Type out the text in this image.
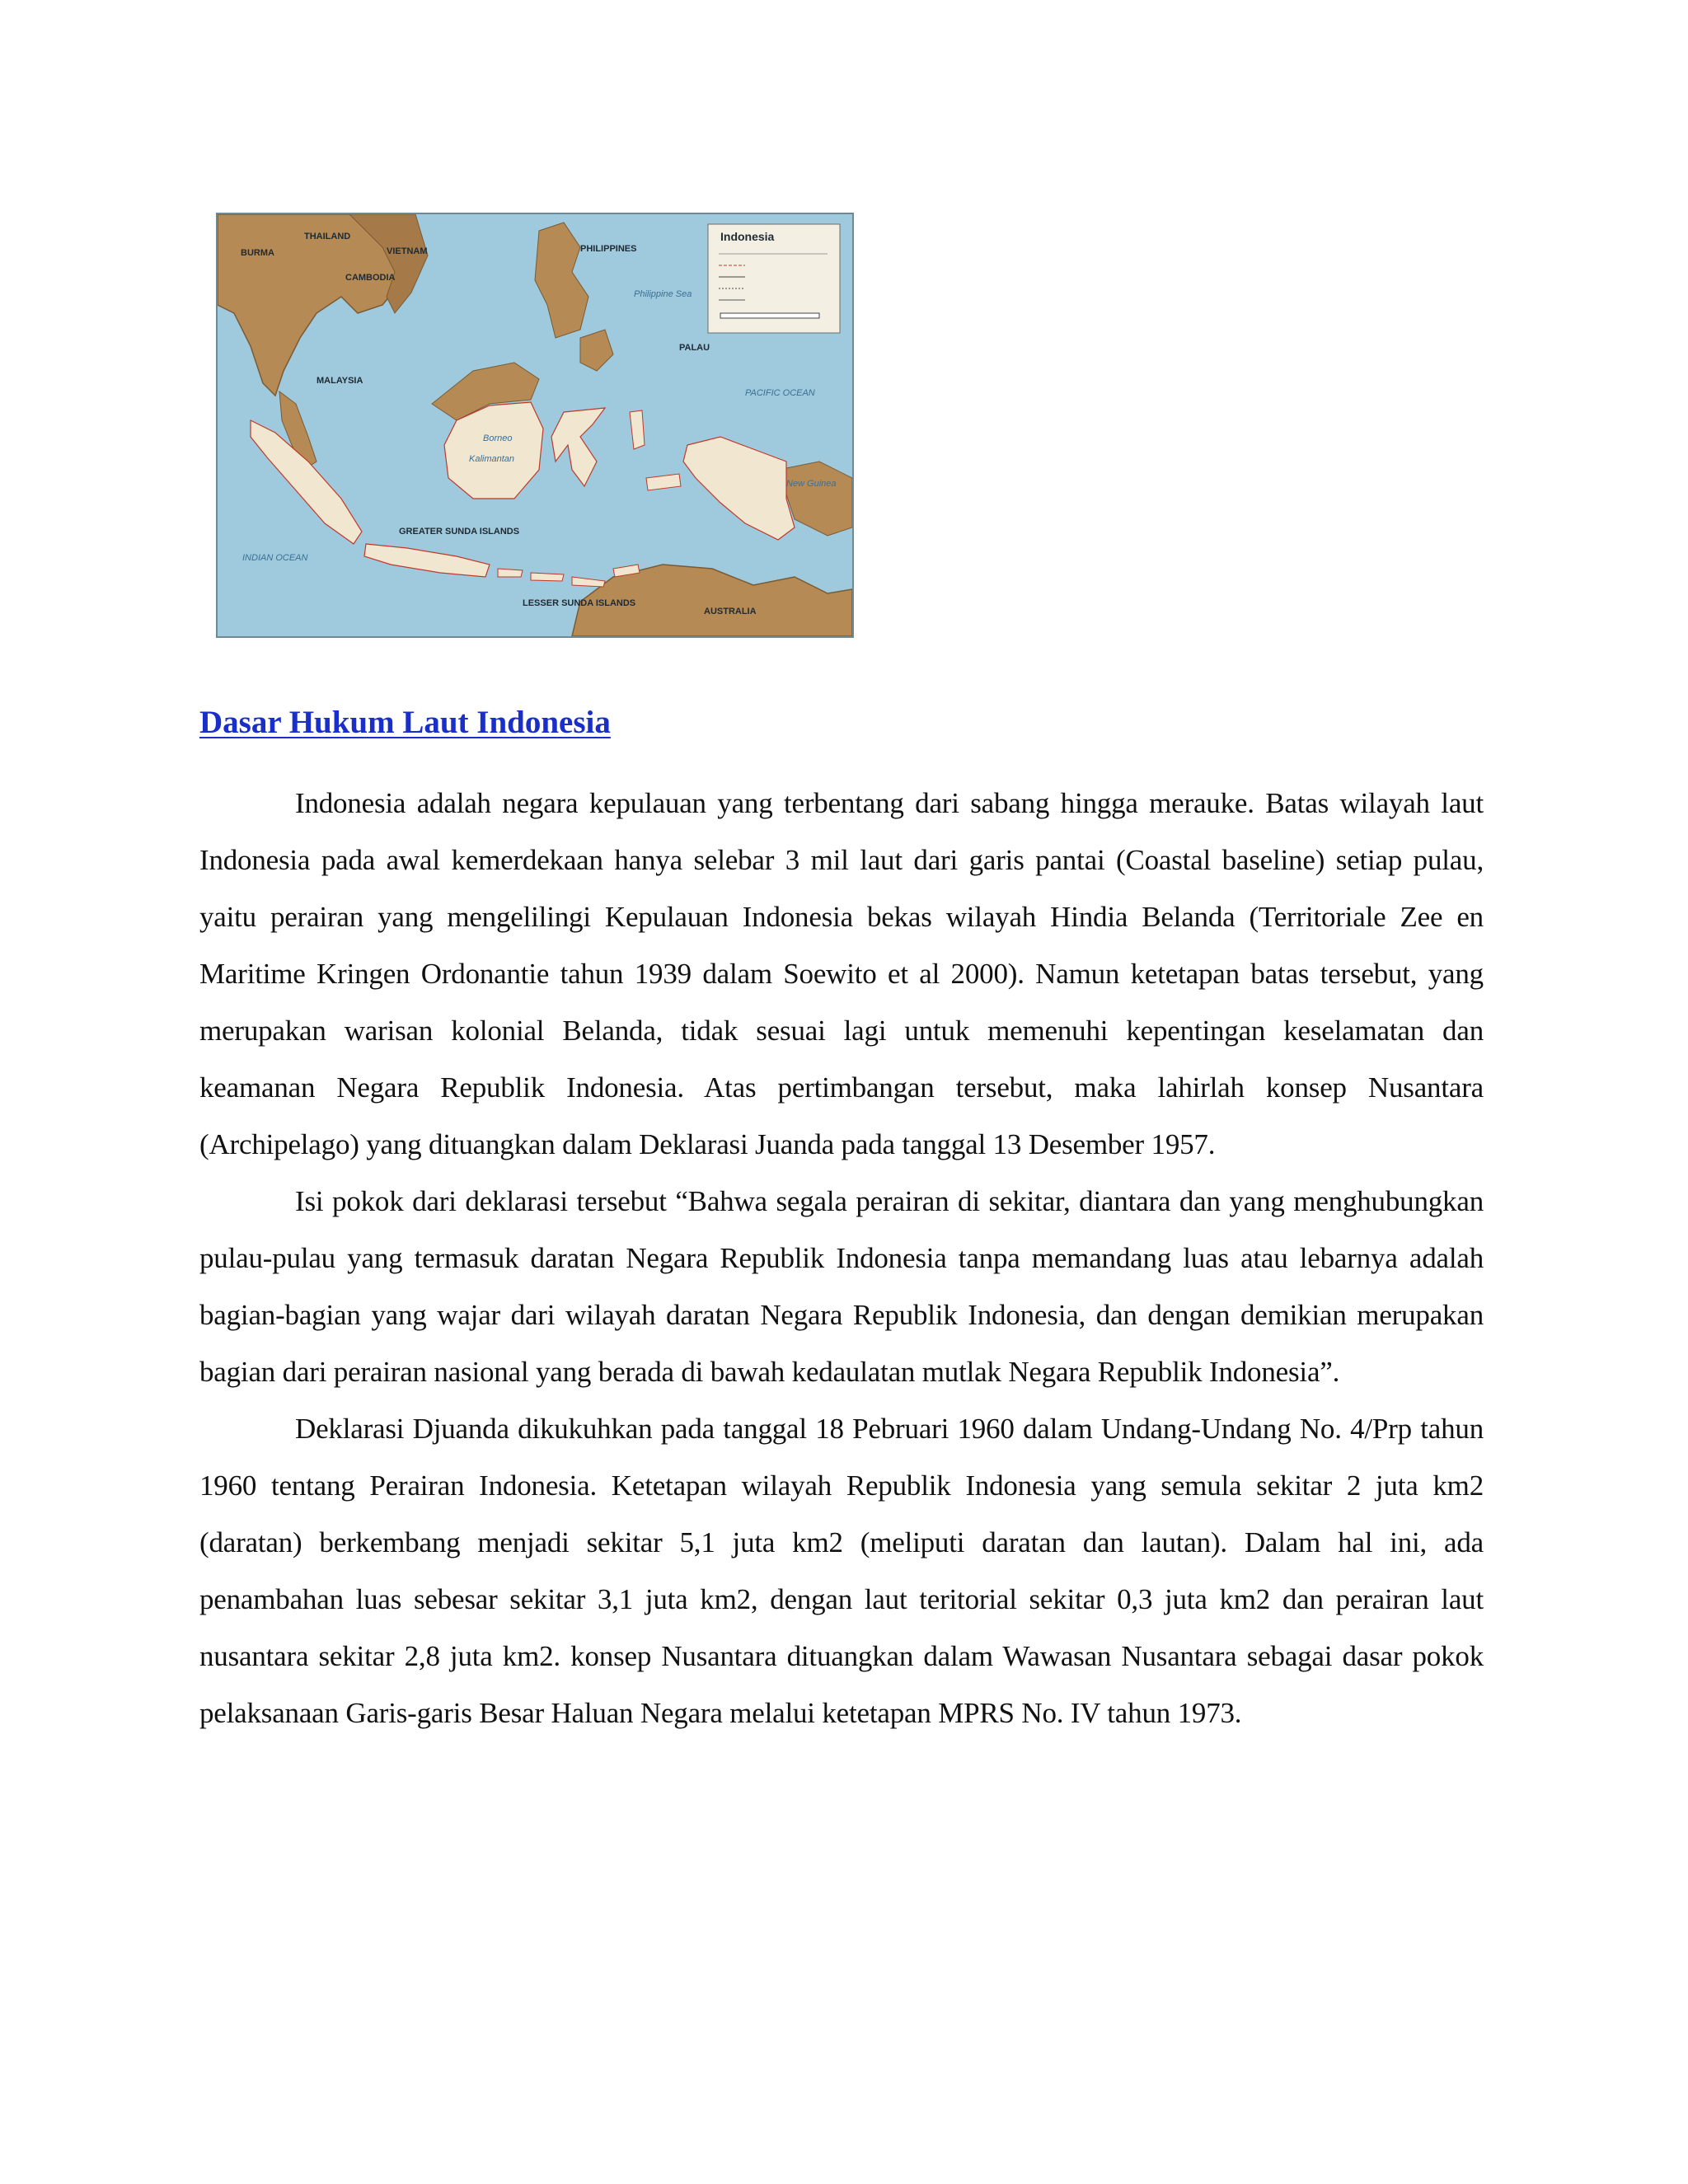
Indonesia
BURMA
THAILAND
VIETNAM
CAMBODIA
PHILIPPINES
MALAYSIA
Borneo
Kalimantan
GREATER SUNDA ISLANDS
LESSER SUNDA ISLANDS
New Guinea
AUSTRALIA
INDIAN OCEAN
PACIFIC OCEAN
Philippine Sea
PALAU
Dasar Hukum Laut Indonesia

Indonesia adalah negara kepulauan yang terbentang dari sabang hingga merauke. Batas wilayah laut Indonesia pada awal kemerdekaan hanya selebar 3 mil laut dari garis pantai (Coastal baseline) setiap pulau, yaitu perairan yang mengelilingi Kepulauan Indonesia bekas wilayah Hindia Belanda (Territoriale Zee en Maritime Kringen Ordonantie tahun 1939 dalam Soewito et al 2000). Namun ketetapan batas tersebut, yang merupakan warisan kolonial Belanda, tidak sesuai lagi untuk memenuhi kepentingan keselamatan dan keamanan Negara Republik Indonesia. Atas pertimbangan tersebut, maka lahirlah konsep Nusantara (Archipelago) yang dituangkan dalam Deklarasi Juanda pada tanggal 13 Desember 1957.

Isi pokok dari deklarasi tersebut “Bahwa segala perairan di sekitar, diantara dan yang menghubungkan pulau-pulau yang termasuk daratan Negara Republik Indonesia tanpa memandang luas atau lebarnya adalah bagian-bagian yang wajar dari wilayah daratan Negara Republik Indonesia, dan dengan demikian merupakan bagian dari perairan nasional yang berada di bawah kedaulatan mutlak Negara Republik Indonesia”.

Deklarasi Djuanda dikukuhkan pada tanggal 18 Pebruari 1960 dalam Undang-Undang No. 4/Prp tahun 1960 tentang Perairan Indonesia. Ketetapan wilayah Republik Indonesia yang semula sekitar 2 juta km2 (daratan) berkembang menjadi sekitar 5,1 juta km2 (meliputi daratan dan lautan). Dalam hal ini, ada penambahan luas sebesar sekitar 3,1 juta km2, dengan laut teritorial sekitar 0,3 juta km2 dan perairan laut nusantara sekitar 2,8 juta km2. konsep Nusantara dituangkan dalam Wawasan Nusantara sebagai dasar pokok pelaksanaan Garis-garis Besar Haluan Negara melalui ketetapan MPRS No. IV tahun 1973.
